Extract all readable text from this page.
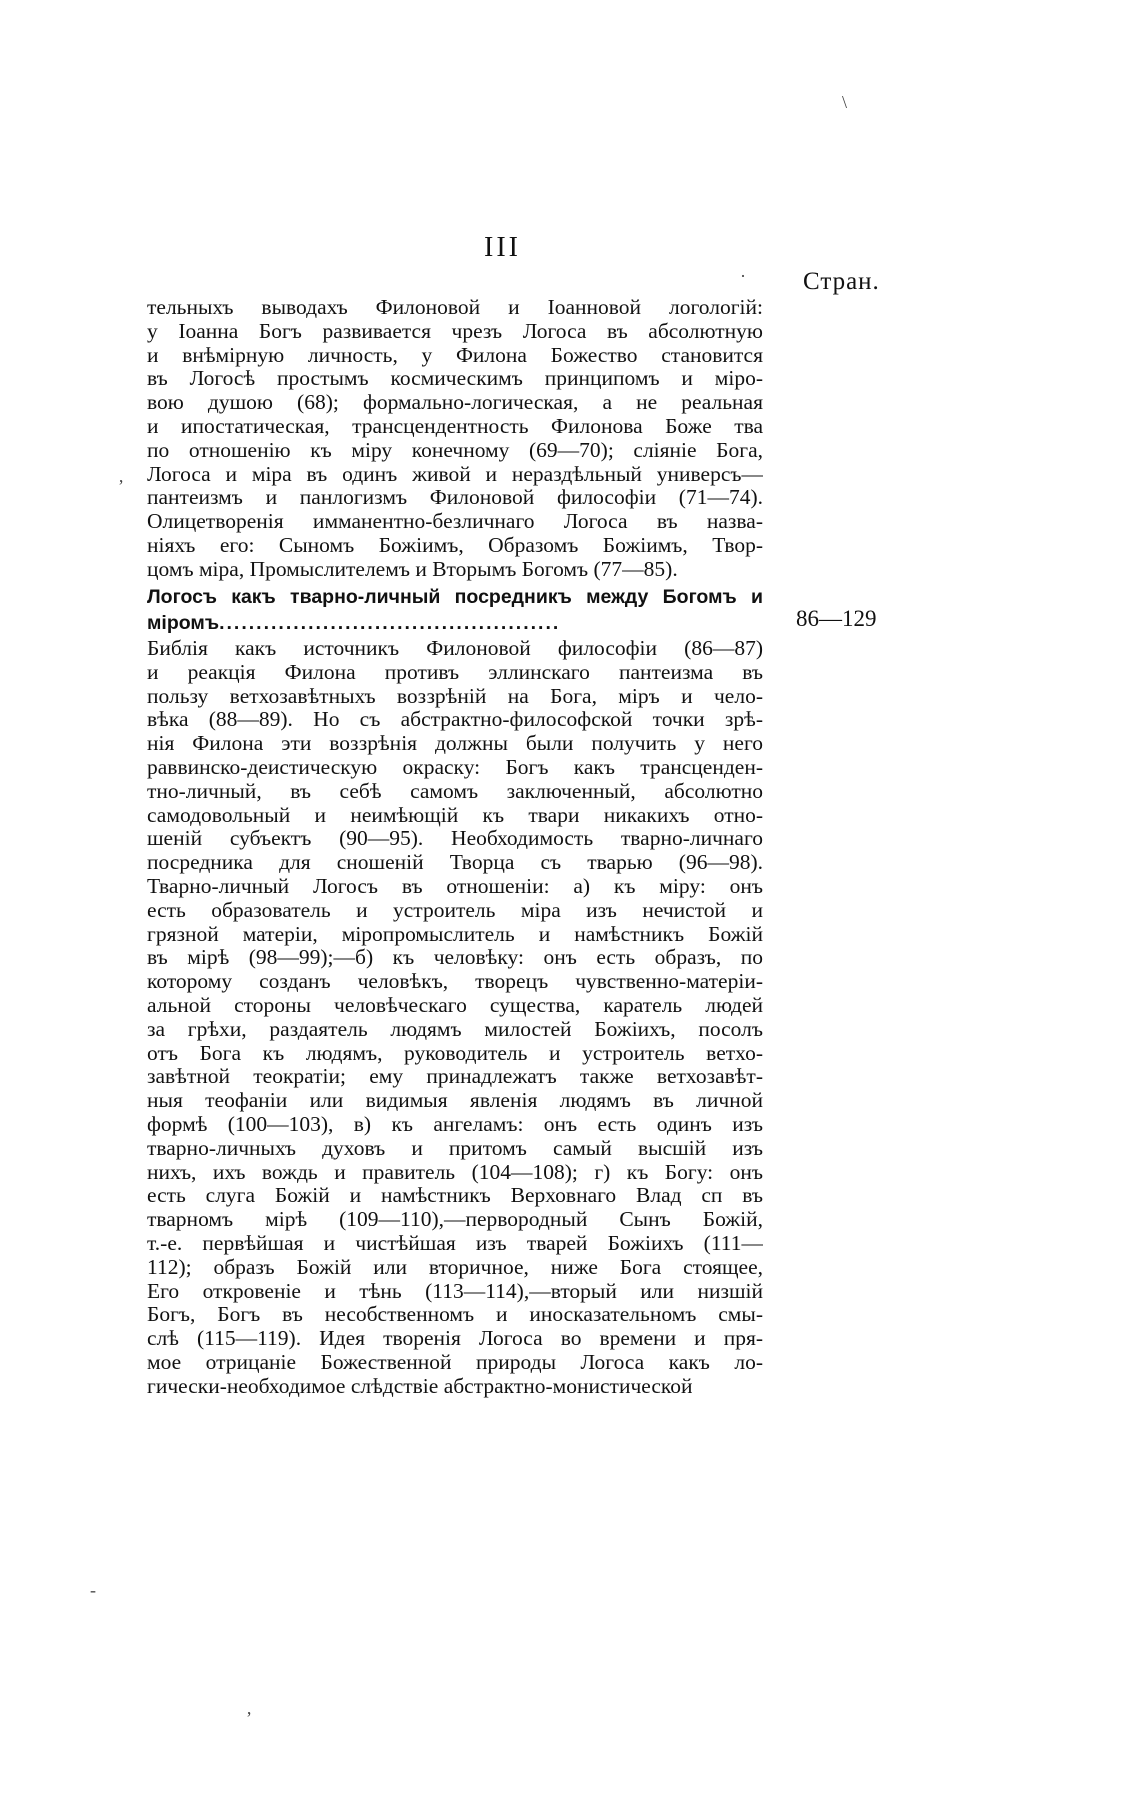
III
Стран.
тельныхъ выводахъ Филоновой и Іоанновой логологій:
у Іоанна Богъ развивается чрезъ Логоса въ абсолютную
и внѣмірную личность, у Филона Божество становится
въ Логосѣ простымъ космическимъ принципомъ и міро-
вою душою (68); формально-логическая, а не реальная
и ипостатическая, трансцендентность Филонова Боже тва
по отношенію къ міру конечному (69—70); сліяніе Бога,
Логоса и міра въ одинъ живой и нераздѣльный универсъ—
пантеизмъ и панлогизмъ Филоновой философіи (71—74).
Олицетворенія имманентно-безличнаго Логоса въ назва-
ніяхъ его: Сыномъ Божіимъ, Образомъ Божіимъ, Твор-
цомъ міра, Промыслителемъ и Вторымъ Богомъ (77—85).
Логосъ какъ тварно-личный посредникъ между Богомъ и
міромъ..............................................	86—129
Библія какъ источникъ Филоновой философіи (86—87)
и реакція Филона противъ эллинскаго пантеизма въ
пользу ветхозавѣтныхъ воззрѣній на Бога, міръ и чело-
вѣка (88—89). Но съ абстрактно-философской точки зрѣ-
нія Филона эти воззрѣнія должны были получить у него
раввинско-деистическую окраску: Богъ какъ трансценден-
тно-личный, въ себѣ самомъ заключенный, абсолютно
самодовольный и неимѣющій къ твари никакихъ отно-
шеній субъектъ (90—95). Необходимость тварно-личнаго
посредника для сношеній Творца съ тварью (96—98).
Тварно-личный Логосъ въ отношеніи: а) къ міру: онъ
есть образователь и устроитель міра изъ нечистой и
грязной матеріи, міропромыслитель и намѣстникъ Божій
въ мірѣ (98—99);—б) къ человѣку: онъ есть образъ, по
которому созданъ человѣкъ, творецъ чувственно-матеріи-
альной стороны человѣческаго существа, каратель людей
за грѣхи, раздаятель людямъ милостей Божіихъ, посолъ
отъ Бога къ людямъ, руководитель и устроитель ветхо-
завѣтной теократіи; ему принадлежатъ также ветхозавѣт-
ныя теофаніи или видимыя явленія людямъ въ личной
формѣ (100—103), в) къ ангеламъ: онъ есть одинъ изъ
тварно-личныхъ духовъ и притомъ самый высшій изъ
нихъ, ихъ вождь и правитель (104—108); г) къ Богу: онъ
есть слуга Божій и намѣстникъ Верховнаго Влад сп въ
тварномъ мірѣ (109—110),—первородный Сынъ Божій,
т.-е. первѣйшая и чистѣйшая изъ тварей Божіихъ (111—
112); образъ Божій или вторичное, ниже Бога стоящее,
Его откровеніе и тѣнь (113—114),—вторый или низшій
Богъ, Богъ въ несобственномъ и иносказательномъ смы-
слѣ (115—119). Идея творенія Логоса во времени и пря-
мое отрицаніе Божественной природы Логоса какъ ло-
гически-необходимое слѣдствіе абстрактно-монистической
\
·
ʼ
-
ʼ
